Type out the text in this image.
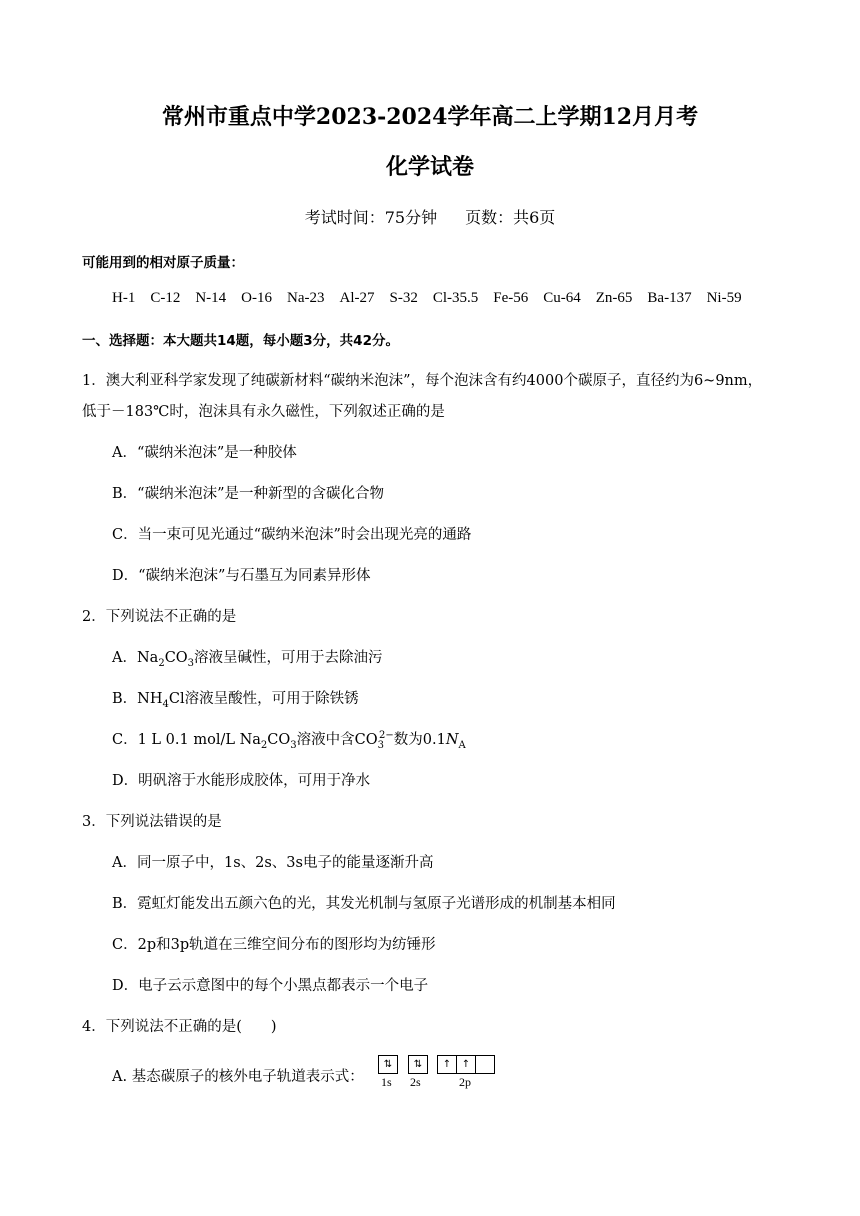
常州市重点中学2023-2024学年高二上学期12月月考
化学试卷
考试时间：75分钟 页数：共6页
可能用到的相对原子质量：
H-1 C-12 N-14 O-16 Na-23 Al-27 S-32 Cl-35.5 Fe-56 Cu-64 Zn-65 Ba-137 Ni-59
一、选择题：本大题共14题，每小题3分，共42分。
1．澳大利亚科学家发现了纯碳新材料“碳纳米泡沫”，每个泡沫含有约4000个碳原子，直径约为6~9nm，
低于－183℃时，泡沫具有永久磁性，下列叙述正确的是
A．“碳纳米泡沫”是一种胶体
B．“碳纳米泡沫”是一种新型的含碳化合物
C．当一束可见光通过“碳纳米泡沫”时会出现光亮的通路
D．“碳纳米泡沫”与石墨互为同素异形体
2．下列说法不正确的是
A．$Na_2CO_3$溶液呈碱性，可用于去除油污
B．$NH_4Cl$溶液呈酸性，可用于除铁锈
C．1 L 0.1 mol/L $Na_2CO_3$溶液中含$CO_3^{2-}$数为$0.1N_A$
D．明矾溶于水能形成胶体，可用于净水
3．下列说法错误的是
A．同一原子中，1s、2s、3s电子的能量逐渐升高
B．霓虹灯能发出五颜六色的光，其发光机制与氢原子光谱形成的机制基本相同
C．2p和3p轨道在三维空间分布的图形均为纺锤形
D．电子云示意图中的每个小黑点都表示一个电子
4．下列说法不正确的是(　　)
A. 基态碳原子的核外电子轨道表示式：
⇅	⇅	↑	↑
1s 2s	2p
